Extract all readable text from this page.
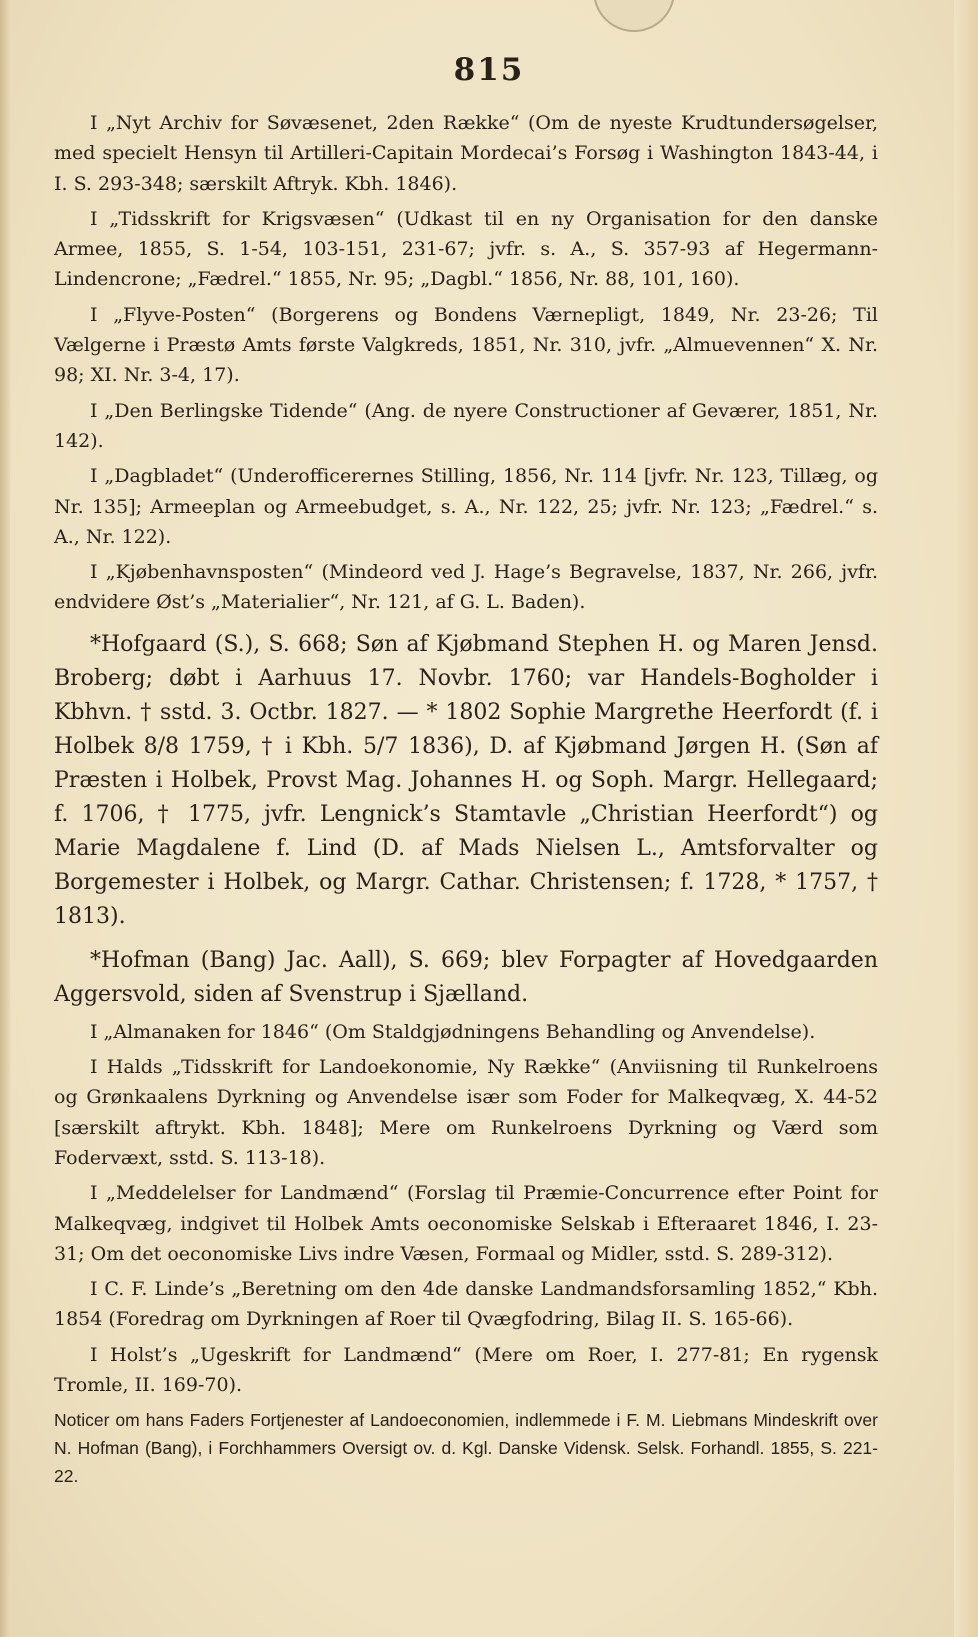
815

I „Nyt Archiv for Søvæsenet, 2den Række“ (Om de nyeste Krudtundersøgelser, med specielt Hensyn til Artilleri-Capitain Mordecai’s Forsøg i Washington 1843-44, i I. S. 293-348; særskilt Aftryk. Kbh. 1846).

I „Tidsskrift for Krigsvæsen“ (Udkast til en ny Organisation for den danske Armee, 1855, S. 1-54, 103-151, 231-67; jvfr. s. A., S. 357-93 af Hegermann-Lindencrone; „Fædrel.“ 1855, Nr. 95; „Dagbl.“ 1856, Nr. 88, 101, 160).

I „Flyve-Posten“ (Borgerens og Bondens Værnepligt, 1849, Nr. 23-26; Til Vælgerne i Præstø Amts første Valgkreds, 1851, Nr. 310, jvfr. „Almuevennen“ X. Nr. 98; XI. Nr. 3-4, 17).

I „Den Berlingske Tidende“ (Ang. de nyere Constructioner af Geværer, 1851, Nr. 142).

I „Dagbladet“ (Underofficerernes Stilling, 1856, Nr. 114 [jvfr. Nr. 123, Tillæg, og Nr. 135]; Armeeplan og Armeebudget, s. A., Nr. 122, 25; jvfr. Nr. 123; „Fædrel.“ s. A., Nr. 122).

I „Kjøbenhavnsposten“ (Mindeord ved J. Hage’s Begravelse, 1837, Nr. 266, jvfr. endvidere Øst’s „Materialier“, Nr. 121, af G. L. Baden).

*Hofgaard (S.), S. 668; Søn af Kjøbmand Stephen H. og Maren Jensd. Broberg; døbt i Aarhuus 17. Novbr. 1760; var Handels-Bogholder i Kbhvn. † sstd. 3. Octbr. 1827. — * 1802 Sophie Margrethe Heerfordt (f. i Holbek 8/8 1759, † i Kbh. 5/7 1836), D. af Kjøbmand Jørgen H. (Søn af Præsten i Holbek, Provst Mag. Johannes H. og Soph. Margr. Hellegaard; f. 1706, † 1775, jvfr. Lengnick’s Stamtavle „Christian Heerfordt“) og Marie Magdalene f. Lind (D. af Mads Nielsen L., Amtsforvalter og Borgemester i Holbek, og Margr. Cathar. Christensen; f. 1728, * 1757, † 1813).

*Hofman (Bang) Jac. Aall), S. 669; blev Forpagter af Hovedgaarden Aggersvold, siden af Svenstrup i Sjælland.

I „Almanaken for 1846“ (Om Staldgjødningens Behandling og Anvendelse).

I Halds „Tidsskrift for Landoekonomie, Ny Række“ (Anviisning til Runkelroens og Grønkaalens Dyrkning og Anvendelse især som Foder for Malkeqvæg, X. 44-52 [særskilt aftrykt. Kbh. 1848]; Mere om Runkelroens Dyrkning og Værd som Fodervæxt, sstd. S. 113-18).

I „Meddelelser for Landmænd“ (Forslag til Præmie-Concurrence efter Point for Malkeqvæg, indgivet til Holbek Amts oeconomiske Selskab i Efteraaret 1846, I. 23-31; Om det oeconomiske Livs indre Væsen, Formaal og Midler, sstd. S. 289-312).

I C. F. Linde’s „Beretning om den 4de danske Landmandsforsamling 1852,“ Kbh. 1854 (Foredrag om Dyrkningen af Roer til Qvægfodring, Bilag II. S. 165-66).

I Holst’s „Ugeskrift for Landmænd“ (Mere om Roer, I. 277-81; En rygensk Tromle, II. 169-70).

Noticer om hans Faders Fortjenester af Landoeconomien, indlemmede i F. M. Liebmans Mindeskrift over N. Hofman (Bang), i Forchhammers Oversigt ov. d. Kgl. Danske Vidensk. Selsk. Forhandl. 1855, S. 221-22.
